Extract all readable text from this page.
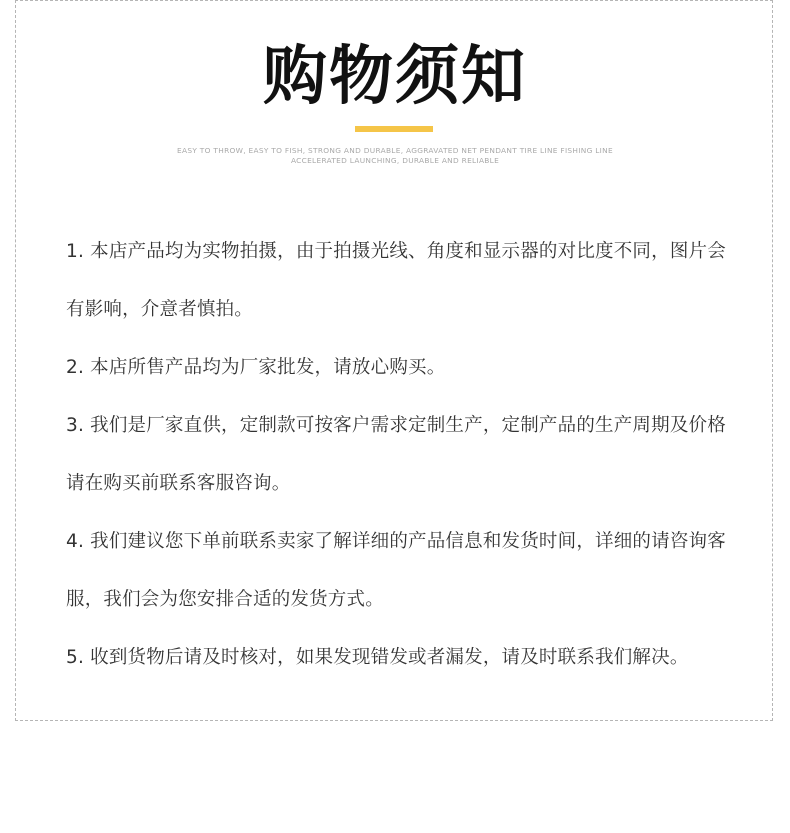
购物须知
EASY TO THROW, EASY TO FISH, STRONG AND DURABLE, AGGRAVATED NET PENDANT TIRE LINE FISHING LINE
ACCELERATED LAUNCHING, DURABLE AND RELIABLE
1. 本店产品均为实物拍摄，由于拍摄光线、角度和显示器的对比度不同，图片会有影响，介意者慎拍。
2. 本店所售产品均为厂家批发，请放心购买。
3. 我们是厂家直供，定制款可按客户需求定制生产，定制产品的生产周期及价格请在购买前联系客服咨询。
4. 我们建议您下单前联系卖家了解详细的产品信息和发货时间，详细的请咨询客服，我们会为您安排合适的发货方式。
5. 收到货物后请及时核对，如果发现错发或者漏发，请及时联系我们解决。
